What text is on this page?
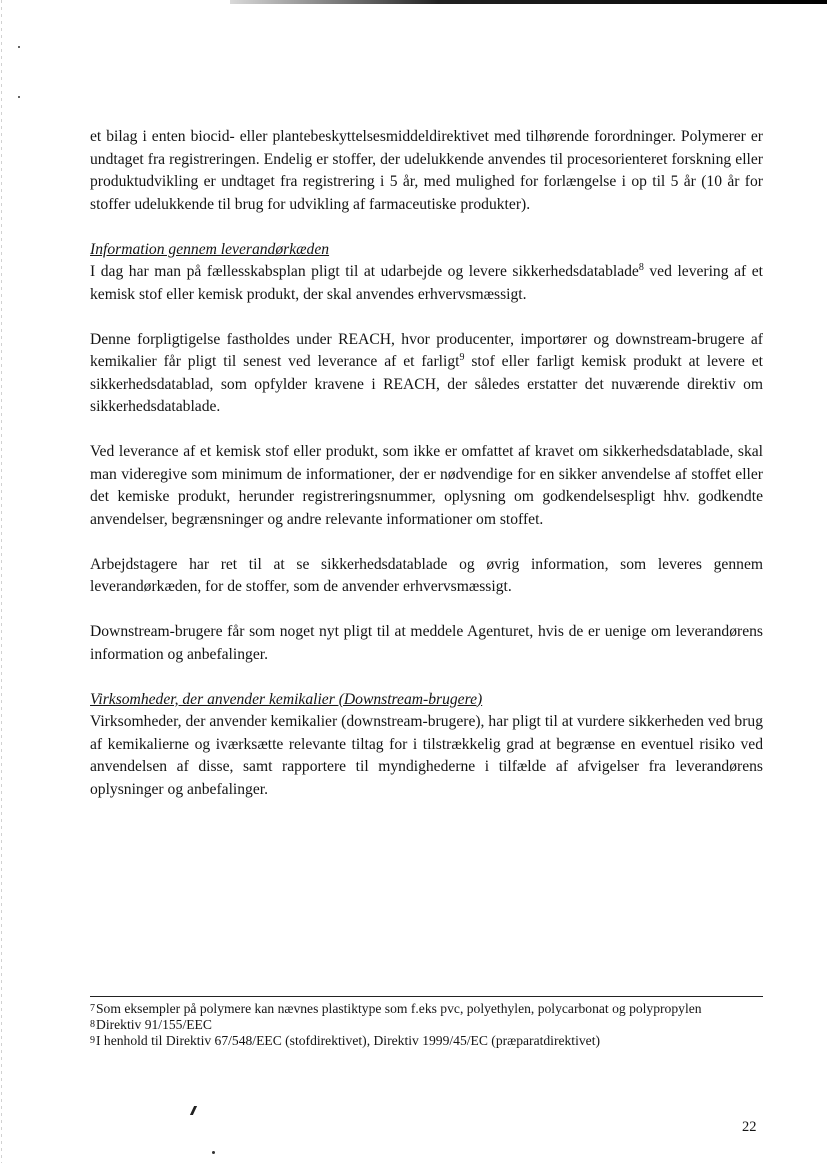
et bilag i enten biocid- eller plantebeskyttelsesmiddeldirektivet med tilhørende forordninger. Polymerer er undtaget fra registreringen. Endelig er stoffer, der udelukkende anvendes til procesorienteret forskning eller produktudvikling er undtaget fra registrering i 5 år, med mulighed for forlængelse i op til 5 år (10 år for stoffer udelukkende til brug for udvikling af farmaceutiske produkter).

Information gennem leverandørkæden

I dag har man på fællesskabsplan pligt til at udarbejde og levere sikkerhedsdatablade$^8$ ved levering af et kemisk stof eller kemisk produkt, der skal anvendes erhvervsmæssigt.

Denne forpligtigelse fastholdes under REACH, hvor producenter, importører og downstream-brugere af kemikalier får pligt til senest ved leverance af et farligt$^9$ stof eller farligt kemisk produkt at levere et sikkerhedsdatablad, som opfylder kravene i REACH, der således erstatter det nuværende direktiv om sikkerhedsdatablade.

Ved leverance af et kemisk stof eller produkt, som ikke er omfattet af kravet om sikkerhedsdatablade, skal man videregive som minimum de informationer, der er nødvendige for en sikker anvendelse af stoffet eller det kemiske produkt, herunder registreringsnummer, oplysning om godkendelsespligt hhv. godkendte anvendelser, begrænsninger og andre relevante informationer om stoffet.

Arbejdstagere har ret til at se sikkerhedsdatablade og øvrig information, som leveres gennem leverandørkæden, for de stoffer, som de anvender erhvervsmæssigt.

Downstream-brugere får som noget nyt pligt til at meddele Agenturet, hvis de er uenige om leverandørens information og anbefalinger.

Virksomheder, der anvender kemikalier (Downstream-brugere)

Virksomheder, der anvender kemikalier (downstream-brugere), har pligt til at vurdere sikkerheden ved brug af kemikalierne og iværksætte relevante tiltag for i tilstrækkelig grad at begrænse en eventuel risiko ved anvendelsen af disse, samt rapportere til myndighederne i tilfælde af afvigelser fra leverandørens oplysninger og anbefalinger.

7Som eksempler på polymere kan nævnes plastiktype som f.eks pvc, polyethylen, polycarbonat og polypropylen
8Direktiv 91/155/EEC
9I henhold til Direktiv 67/548/EEC (stofdirektivet), Direktiv 1999/45/EC (præparatdirektivet)
22
